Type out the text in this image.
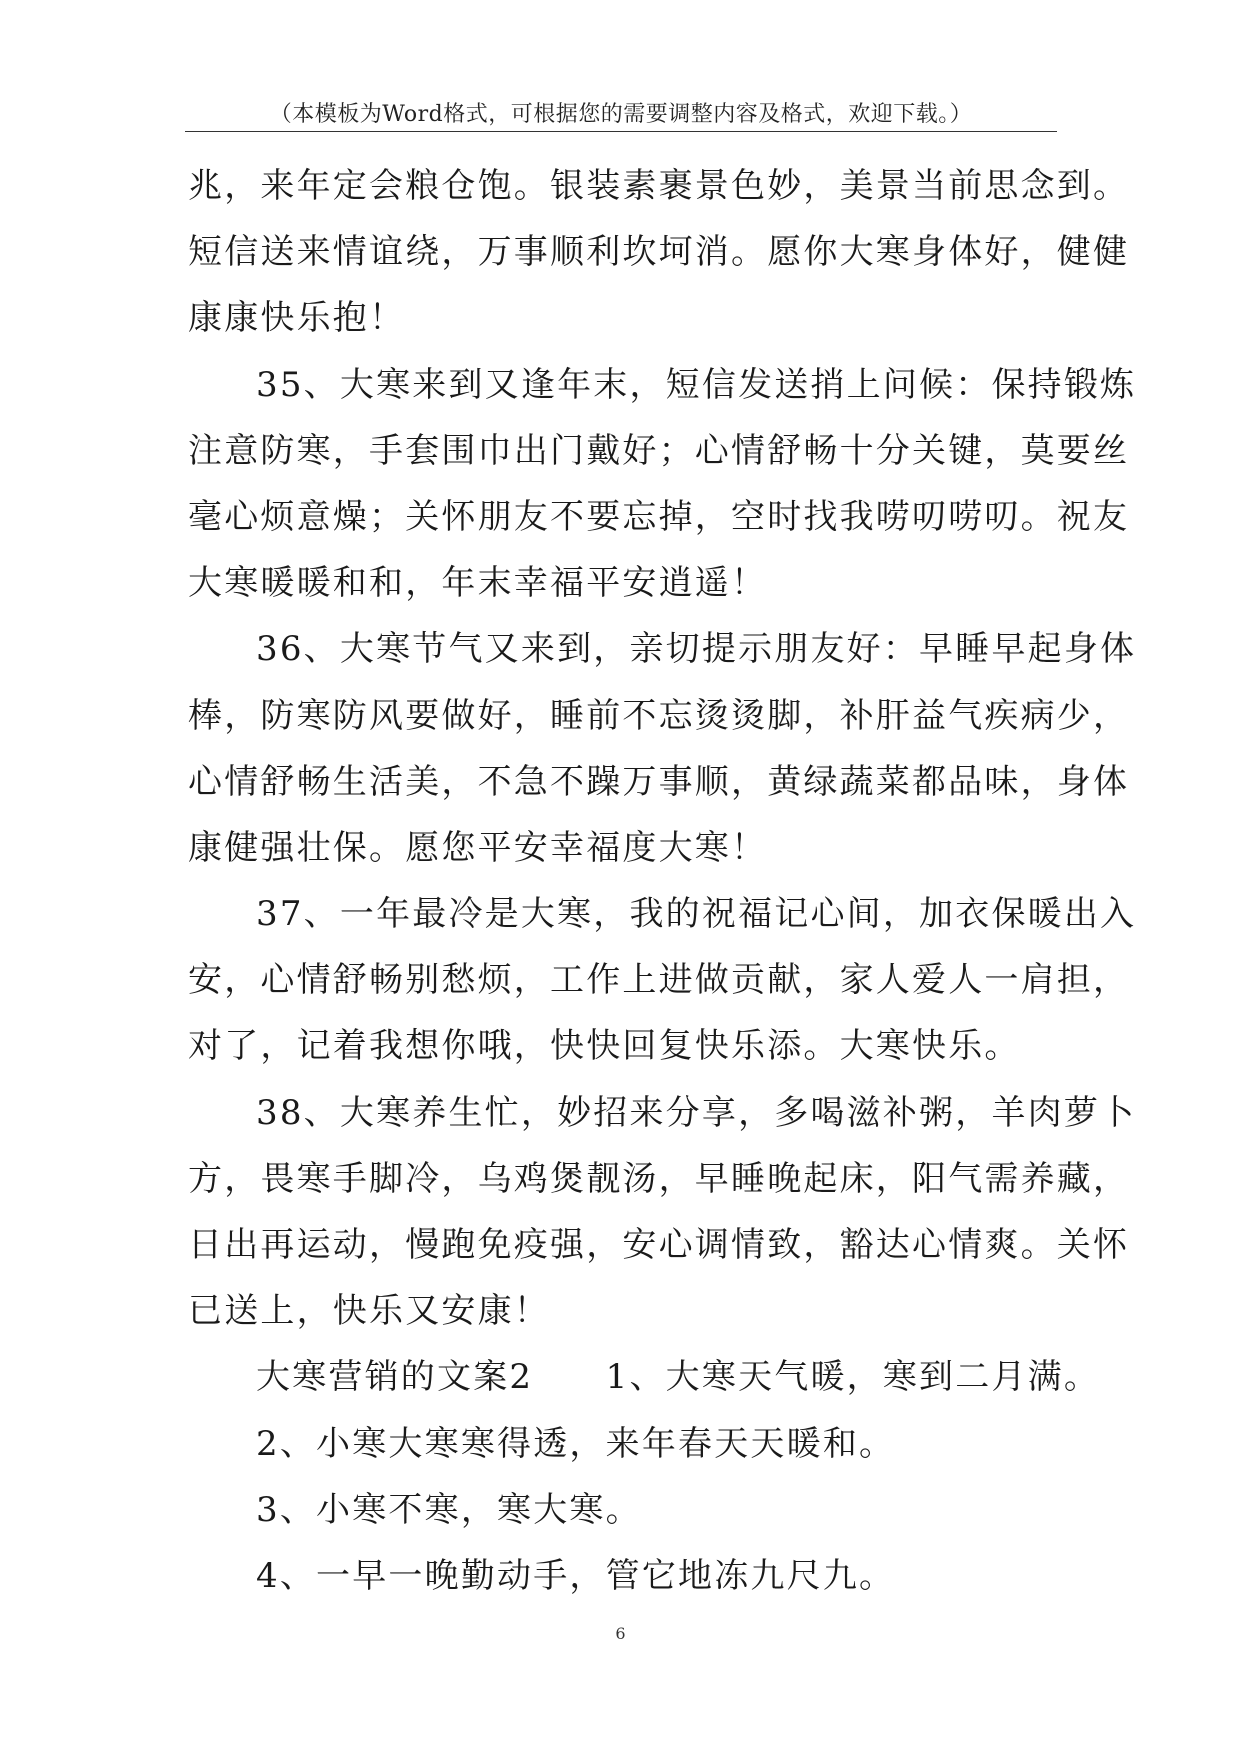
（本模板为Word格式，可根据您的需要调整内容及格式，欢迎下载。）
兆，来年定会粮仓饱。银装素裹景色妙，美景当前思念到。
短信送来情谊绕，万事顺利坎坷消。愿你大寒身体好，健健
康康快乐抱！
35、大寒来到又逢年末，短信发送捎上问候：保持锻炼
注意防寒，手套围巾出门戴好；心情舒畅十分关键，莫要丝
毫心烦意燥；关怀朋友不要忘掉，空时找我唠叨唠叨。祝友
大寒暖暖和和，年末幸福平安逍遥！
36、大寒节气又来到，亲切提示朋友好：早睡早起身体
棒，防寒防风要做好，睡前不忘烫烫脚，补肝益气疾病少，
心情舒畅生活美，不急不躁万事顺，黄绿蔬菜都品味，身体
康健强壮保。愿您平安幸福度大寒！
37、一年最冷是大寒，我的祝福记心间，加衣保暖出入
安，心情舒畅别愁烦，工作上进做贡献，家人爱人一肩担，
对了，记着我想你哦，快快回复快乐添。大寒快乐。
38、大寒养生忙，妙招来分享，多喝滋补粥，羊肉萝卜
方，畏寒手脚冷，乌鸡煲靓汤，早睡晚起床，阳气需养藏，
日出再运动，慢跑免疫强，安心调情致，豁达心情爽。关怀
已送上，快乐又安康！
大寒营销的文案2　　1、大寒天气暖，寒到二月满。
2、小寒大寒寒得透，来年春天天暖和。
3、小寒不寒，寒大寒。
4、一早一晚勤动手，管它地冻九尺九。
6
